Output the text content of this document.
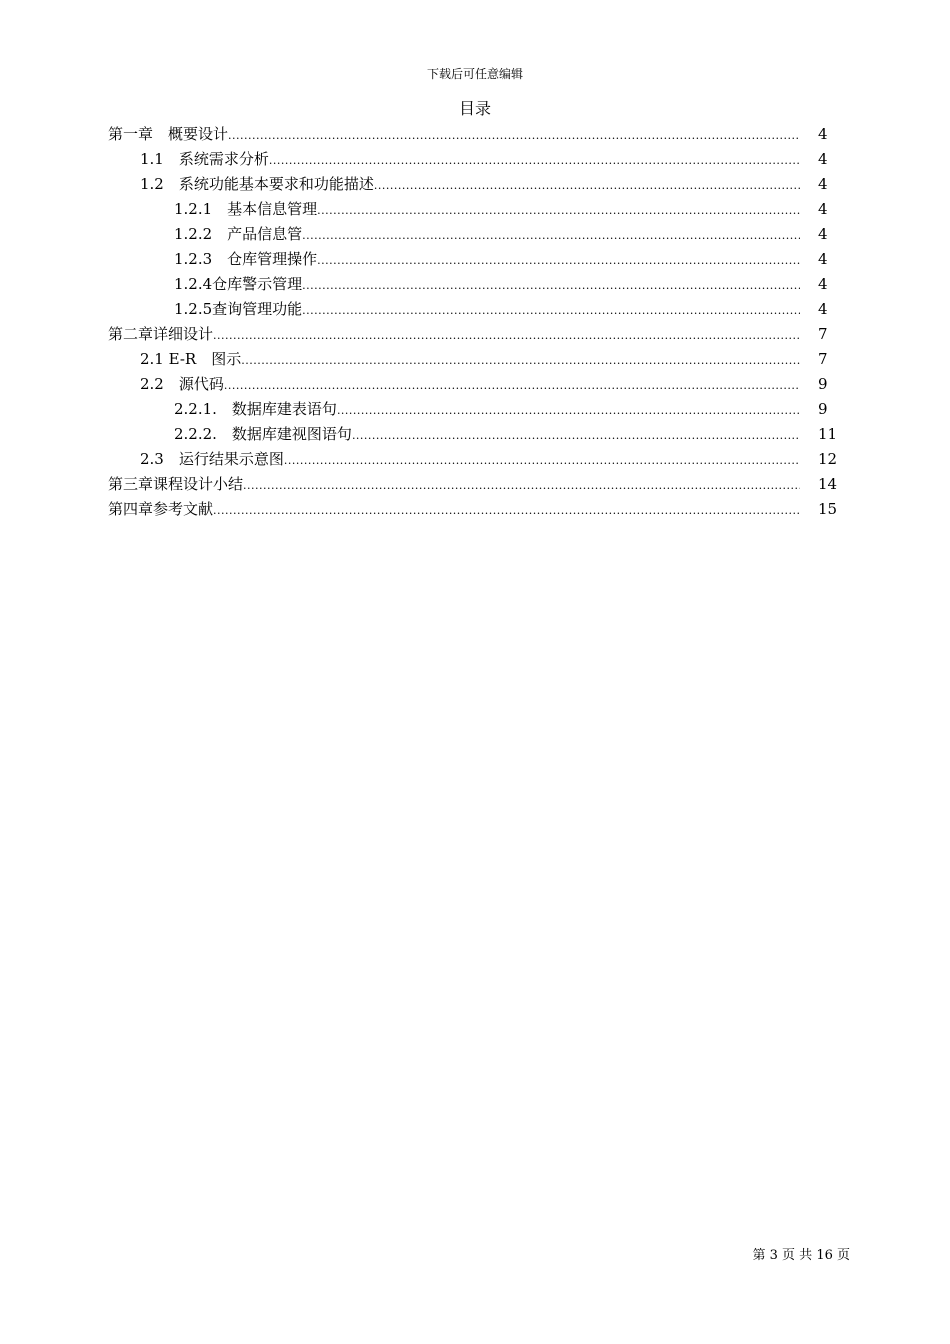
下载后可任意编辑
目录
第一章　概要设计 .....	4
1.1　系统需求分析 .....	4
1.2　系统功能基本要求和功能描述 .....	4
1.2.1　基本信息管理 .....	4
1.2.2　产品信息管 .....	4
1.2.3　仓库管理操作 .....	4
1.2.4仓库警示管理 .....	4
1.2.5查询管理功能 .....	4
第二章详细设计 .....	7
2.1 E-R　图示 .....	7
2.2　源代码 .....	9
2.2.1.　数据库建表语句 .....	9
2.2.2.　数据库建视图语句 .....	11
2.3　运行结果示意图 .....	12
第三章课程设计小结 .....	14
第四章参考文献 .....	15
第 3 页 共 16 页
